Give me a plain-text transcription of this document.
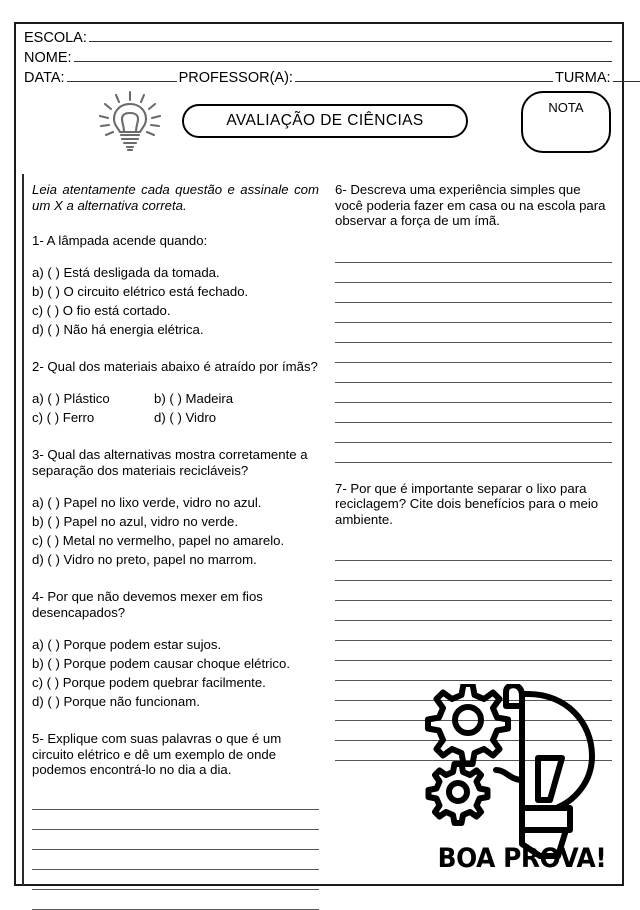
ESCOLA:
NOME:
DATA:	PROFESSOR(A):	TURMA:
AVALIAÇÃO DE CIÊNCIAS
NOTA
Leia atentamente cada questão e assinale com um X a alternativa correta.
1- A lâmpada acende quando:
a) ( ) Está desligada da tomada.
b) ( ) O circuito elétrico está fechado.
c) ( ) O fio está cortado.
d) ( ) Não há energia elétrica.
2- Qual dos materiais abaixo é atraído por ímãs?
a) ( ) Plástico	b) ( ) Madeira
c) ( ) Ferro	d) ( ) Vidro
3- Qual das alternativas mostra corretamente a separação dos materiais recicláveis?
a) ( ) Papel no lixo verde, vidro no azul.
b) ( ) Papel no azul, vidro no verde.
c) ( ) Metal no vermelho, papel no amarelo.
d) ( ) Vidro no preto, papel no marrom.
4- Por que não devemos mexer em fios desencapados?
a) ( ) Porque podem estar sujos.
b) ( ) Porque podem causar choque elétrico.
c) ( ) Porque podem quebrar facilmente.
d) ( ) Porque não funcionam.
5- Explique com suas palavras o que é um circuito elétrico e dê um exemplo de onde podemos encontrá-lo no dia a dia.
6- Descreva uma experiência simples que você poderia fazer em casa ou na escola para observar a força de um ímã.
7- Por que é importante separar o lixo para reciclagem? Cite dois benefícios para o meio ambiente.
BOA PROVA!
